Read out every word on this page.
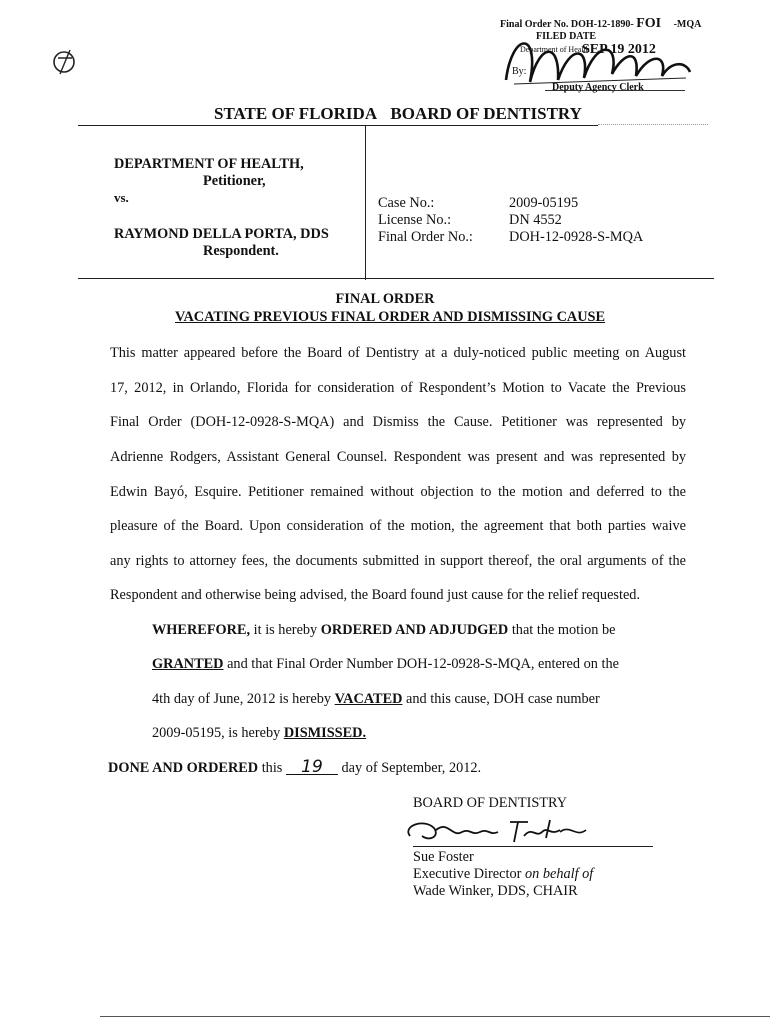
Final Order No. DOH-12-1890- FOI -MQA
FILED DATE
Department of Health
SEP 19 2012
By:
Deputy Agency Clerk
STATE OF FLORIDA BOARD OF DENTISTRY
DEPARTMENT OF HEALTH,
Petitioner,
vs.
RAYMOND DELLA PORTA, DDS
Respondent.
Case No.:
License No.:
Final Order No.:
2009-05195
DN 4552
DOH-12-0928-S-MQA
FINAL ORDER
VACATING PREVIOUS FINAL ORDER AND DISMISSING CAUSE
This matter appeared before the Board of Dentistry at a duly-noticed public meeting on August
17, 2012, in Orlando, Florida for consideration of Respondent’s Motion to Vacate the Previous
Final Order (DOH-12-0928-S-MQA) and Dismiss the Cause. Petitioner was represented by
Adrienne Rodgers, Assistant General Counsel. Respondent was present and was represented by
Edwin Bayó, Esquire. Petitioner remained without objection to the motion and deferred to the
pleasure of the Board. Upon consideration of the motion, the agreement that both parties waive
any rights to attorney fees, the documents submitted in support thereof, the oral arguments of the
Respondent and otherwise being advised, the Board found just cause for the relief requested.
WHEREFORE, it is hereby ORDERED AND ADJUDGED that the motion be
GRANTED and that Final Order Number DOH-12-0928-S-MQA, entered on the
4th day of June, 2012 is hereby VACATED and this cause, DOH case number
2009-05195, is hereby DISMISSED.
DONE AND ORDERED this 19 day of September, 2012.
BOARD OF DENTISTRY
Sue Foster
Executive Director on behalf of
Wade Winker, DDS, CHAIR
